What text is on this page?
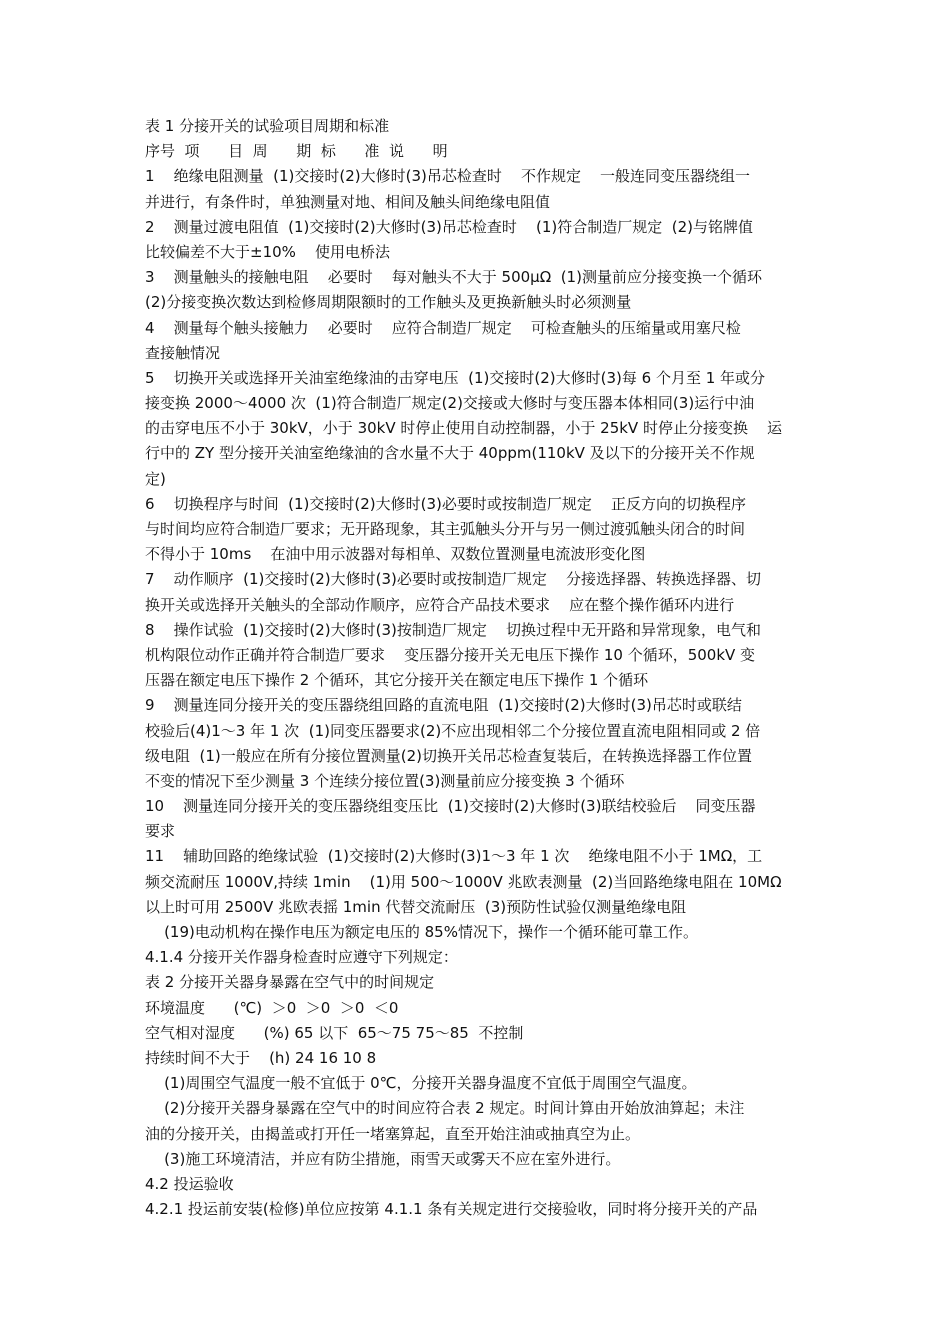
表 1 分接开关的试验项目周期和标准
序号  项      目  周      期  标      准  说      明
1    绝缘电阻测量  (1)交接时(2)大修时(3)吊芯检查时    不作规定    一般连同变压器绕组一
并进行，有条件时，单独测量对地、相间及触头间绝缘电阻值
2    测量过渡电阻值  (1)交接时(2)大修时(3)吊芯检查时    (1)符合制造厂规定  (2)与铭牌值
比较偏差不大于±10%    使用电桥法
3    测量触头的接触电阻    必要时    每对触头不大于 500μΩ  (1)测量前应分接变换一个循环
(2)分接变换次数达到检修周期限额时的工作触头及更换新触头时必须测量
4    测量每个触头接触力    必要时    应符合制造厂规定    可检查触头的压缩量或用塞尺检
查接触情况
5    切换开关或选择开关油室绝缘油的击穿电压  (1)交接时(2)大修时(3)每 6 个月至 1 年或分
接变换 2000～4000 次  (1)符合制造厂规定(2)交接或大修时与变压器本体相同(3)运行中油
的击穿电压不小于 30kV，小于 30kV 时停止使用自动控制器，小于 25kV 时停止分接变换    运
行中的 ZY 型分接开关油室绝缘油的含水量不大于 40ppm(110kV 及以下的分接开关不作规
定)
6    切换程序与时间  (1)交接时(2)大修时(3)必要时或按制造厂规定    正反方向的切换程序
与时间均应符合制造厂要求；无开路现象，其主弧触头分开与另一侧过渡弧触头闭合的时间
不得小于 10ms    在油中用示波器对每相单、双数位置测量电流波形变化图
7    动作顺序  (1)交接时(2)大修时(3)必要时或按制造厂规定    分接选择器、转换选择器、切
换开关或选择开关触头的全部动作顺序，应符合产品技术要求    应在整个操作循环内进行
8    操作试验  (1)交接时(2)大修时(3)按制造厂规定    切换过程中无开路和异常现象，电气和
机构限位动作正确并符合制造厂要求    变压器分接开关无电压下操作 10 个循环，500kV 变
压器在额定电压下操作 2 个循环，其它分接开关在额定电压下操作 1 个循环
9    测量连同分接开关的变压器绕组回路的直流电阻  (1)交接时(2)大修时(3)吊芯时或联结
校验后(4)1～3 年 1 次  (1)同变压器要求(2)不应出现相邻二个分接位置直流电阻相同或 2 倍
级电阻  (1)一般应在所有分接位置测量(2)切换开关吊芯检查复装后，在转换选择器工作位置
不变的情况下至少测量 3 个连续分接位置(3)测量前应分接变换 3 个循环
10    测量连同分接开关的变压器绕组变压比  (1)交接时(2)大修时(3)联结校验后    同变压器
要求
11    辅助回路的绝缘试验  (1)交接时(2)大修时(3)1～3 年 1 次    绝缘电阻不小于 1MΩ，工
频交流耐压 1000V,持续 1min    (1)用 500～1000V 兆欧表测量  (2)当回路绝缘电阻在 10MΩ
以上时可用 2500V 兆欧表摇 1min 代替交流耐压  (3)预防性试验仅测量绝缘电阻
(19)电动机构在操作电压为额定电压的 85%情况下，操作一个循环能可靠工作。
4.1.4 分接开关作器身检查时应遵守下列规定：
表 2 分接开关器身暴露在空气中的时间规定
环境温度      (℃)  ＞0  ＞0  ＞0  ＜0
空气相对湿度      (%) 65 以下  65～75 75～85  不控制
持续时间不大于    (h) 24 16 10 8
(1)周围空气温度一般不宜低于 0℃，分接开关器身温度不宜低于周围空气温度。
(2)分接开关器身暴露在空气中的时间应符合表 2 规定。时间计算由开始放油算起；未注
油的分接开关，由揭盖或打开任一堵塞算起，直至开始注油或抽真空为止。
(3)施工环境清洁，并应有防尘措施，雨雪天或雾天不应在室外进行。
4.2 投运验收
4.2.1 投运前安装(检修)单位应按第 4.1.1 条有关规定进行交接验收，同时将分接开关的产品
